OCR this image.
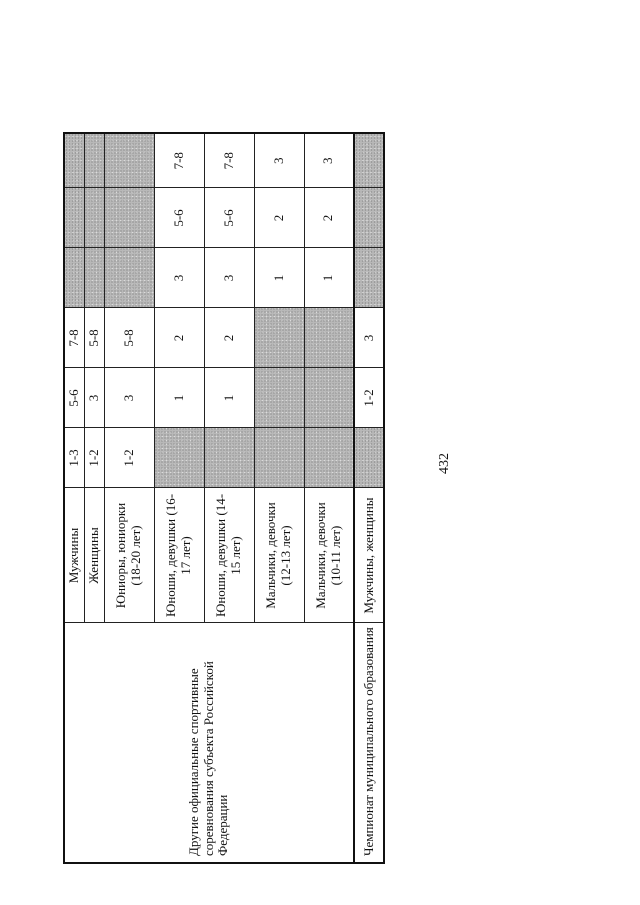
432
Другие официальные спортивные соревнования субъекта Российской Федерации	Мужчины	1-3	5-6	7-8			
	Женщины	1-2	3	5-8			
	Юниоры, юниорки (18-20 лет)	1-2	3	5-8			
	Юноши, девушки (16-17 лет)		1	2	3	5-6	7-8
	Юноши, девушки (14-15 лет)		1	2	3	5-6	7-8
	Мальчики, девочки (12-13 лет)				1	2	3
	Мальчики, девочки (10-11 лет)				1	2	3
Чемпионат муниципального образования	Мужчины, женщины		1-2	3			
